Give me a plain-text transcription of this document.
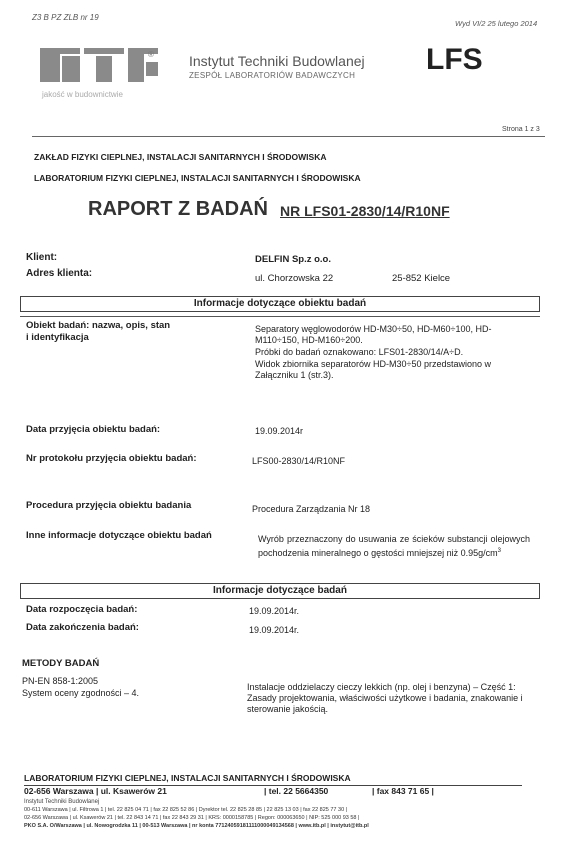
Z3 B PZ ZLB nr 19
Wyd VI/2 25 lutego 2014
®
jakość w budownictwie
Instytut Techniki Budowlanej
ZESPÓŁ LABORATORIÓW BADAWCZYCH LFS
Strona 1 z 3
ZAKŁAD FIZYKI CIEPLNEJ, INSTALACJI SANITARNYCH I ŚRODOWISKA
LABORATORIUM FIZYKI CIEPLNEJ, INSTALACJI SANITARNYCH I ŚRODOWISKA
RAPORT Z BADAŃ NR LFS01-2830/14/R10NF
Klient:	DELFIN Sp.z o.o.
Adres klienta:	ul. Chorzowska 22	25-852 Kielce
Informacje dotyczące obiektu badań
Obiekt badań: nazwa, opis, stan
i identyfikacja
Separatory węglowodorów HD-M30÷50, HD-M60÷100, HD-M110÷150, HD-M160÷200.
Próbki do badań oznakowano: LFS01-2830/14/A÷D.
Widok zbiornika separatorów HD-M30÷50 przedstawiono w Załączniku 1 (str.3).
Data przyjęcia obiektu badań:	19.09.2014r
Nr protokołu przyjęcia obiektu badań:	LFS00-2830/14/R10NF
Procedura przyjęcia obiektu badania	Procedura Zarządzania Nr 18
Inne informacje dotyczące obiektu badań	Wyrób przeznaczony do usuwania ze ścieków substancji olejowych pochodzenia mineralnego o gęstości mniejszej niż $0.95g/cm^3$
Informacje dotyczące badań
Data rozpoczęcia badań:	19.09.2014r.
Data zakończenia badań:	19.09.2014r.
METODY BADAŃ
PN-EN 858-1:2005
System oceny zgodności – 4.
Instalacje oddzielaczy cieczy lekkich (np. olej i benzyna) – Część 1: Zasady projektowania, właściwości użytkowe i badania, znakowanie i sterowanie jakością.
LABORATORIUM FIZYKI CIEPLNEJ, INSTALACJI SANITARNYCH I ŚRODOWISKA
02-656 Warszawa | ul. Ksawerów 21	| tel. 22 5664350	| fax 843 71 65 |
Instytut Techniki Budowlanej
00-611 Warszawa | ul. Filtrowa 1 | tel. 22 825 04 71 | fax 22 825 52 86 | Dyrektor tel. 22 825 28 85 | 22 825 13 03 | fax 22 825 77 30 |
02-656 Warszawa | ul. Ksawerów 21 | tel. 22 843 14 71 | fax 22 843 29 31 | KRS: 0000158785 | Regon: 000063650 | NIP: 525 000 93 58 |
PKO S.A. O/Warszawa | ul. Nowogrodzka 11 | 00-513 Warszawa | nr konta 77124059181111000049134568 | www.itb.pl | instytut@itb.pl
